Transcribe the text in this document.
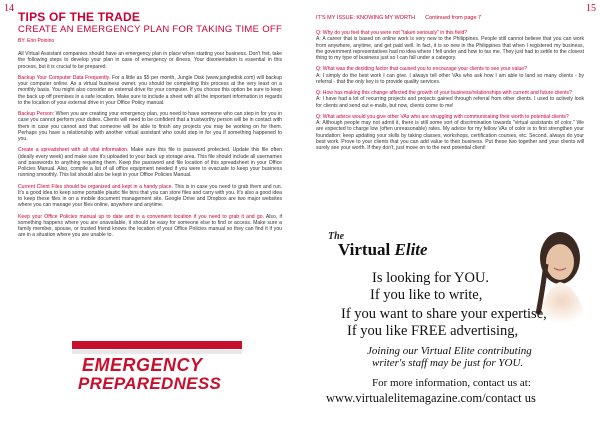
14
TIPS OF THE TRADE
CREATE AN EMERGENCY PLAN FOR TAKING TIME OFF
BY: Erin Poinino

All Virtual Assistant companies should have an emergency plan in place when starting your business. Don't fret, take the following steps to develop your plan in case of emergency or illness. Your disorientation is essential in this process, but it is crucial to be prepared.

Backup Your Computer Data Frequently. For a little as $5 per month, Jungle Disk (www.jungledisk.com) will backup your computer online. As a virtual business owner, you should be completing this process at the very least on a monthly basis. You might also consider an external drive for your computer. If you choose this option be sure to keep the back up off premises in a safe location. Make sure to include a sheet with all the important information in regards to the location of your external drive in your Office Policy manual.

Backup Person: When you are creating your emergency plan, you need to have someone who can step in for you in case you cannot perform your duties. Clients will need to be confident that a trustworthy person will be in contact with them in case you cannot and that someone will be able to finish any projects you may be working on for them. Perhaps you have a relationship with another virtual assistant who could step in for you if something happened to you.

Create a spreadsheet with all vital information. Make sure this file is password protected. Update this file often (ideally every week) and make sure it's uploaded to your back up storage area. This file should include all usernames and passwords to anything requiring them. Keep the password and file location of this spreadsheet in your Office Policies Manual. Also, compile a list of all office equipment needed if you were to evacuate to keep your business running smoothly. This list should also be kept in your Office Policies Manual.

Current Client Files should be organized and kept in a handy place. This is in case you need to grab them and run. It's a good idea to keep some portable plastic file bins that you can store files and carry with you. It's also a good idea to keep these files in on a mobile document management site. Google Drive and Dropbox are two major websites where you can manage your files online, anywhere and anytime.

Keep your Office Policies manual up to date and in a convenient location if you need to grab it and go. Also, if something happens where you are unavailable, it should be easy for someone else to find or access. Make sure a family member, spouse, or trusted friend knows the location of your Office Policies manual so they can find it if you are in a situation where you are unable to.

EMERGENCY
PREPAREDNESS
15
IT'S MY ISSUE: KNOWING MY WORTH Continued from page 7

Q: Why do you feel that you were not "taken seriously" in this field?
A: A career that is based on online work is very new to the Philippines. People still cannot believe that you can work from anywhere, anytime, and get paid well. In fact, it is so new in the Philippines that when I registered my business, the government representatives had no idea where I fell under and how to tax me. They just had to settle to the closest thing to my type of business just so I can fall under a category.

Q: What was the deciding factor that caused you to encourage your clients to see your value?
A: I simply do the best work I can give. I always tell other VAs who ask how I am able to land so many clients - by referral - that the only key is to provide quality services.

Q: How has making this change affected the growth of your business/relationships with current and future clients?
A: I have had a lot of recurring projects and projects gained through referral from other clients. I used to actively look for clients and send out e-mails, but now, clients come to me!

Q: What advice would you give other VAs who are struggling with communicating their worth to potential clients?
A: Although people may not admit it, there is still some sort of discrimination towards "virtual assistants of color." We are expected to charge low (often unreasonable) rates. My advice for my fellow VAs of color is to first strengthen your foundation: keep updating your skills by taking classes, workshops, certification courses, etc. Second, always do your best work. Prove to your clients that you can add value to their business. Put these two together and your clients will surely see your worth. If they don't, just move on to the next potential client!

The
Virtual Elite
Is looking for YOU.
If you like to write,
If you want to share your expertise,
If you like FREE advertising,
Joining our Virtual Elite contributing
writer's staff may be just for YOU.
For more information, contact us at:
www.virtualelitemagazine.com/contact us
